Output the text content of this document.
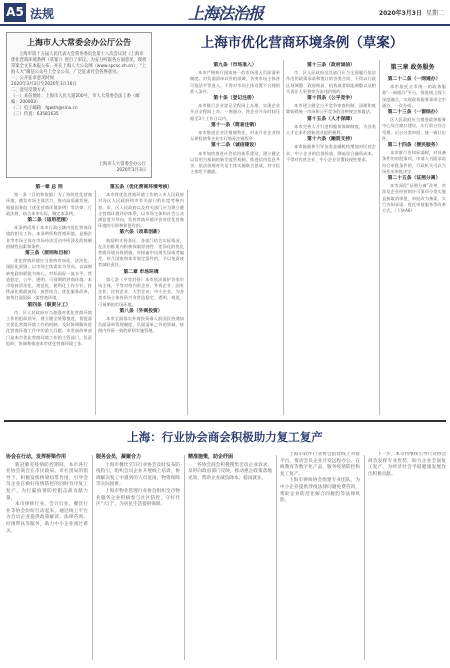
A5 法规	上海法治报	2020年3月3日 星期二
上海市人大常委会办公厅公告

上海市第十五届人民代表大会常务委员会第十八次会议对《上海市优化营商环境条例（草案）》进行了审议。为充分听取各方面意见，现将草案全文在本报公布，并在上海人大公众网（www.spcsc.sh.cn）、“上海人大”微信公众号上全文公布，广泛征求社会各界意见。

一、公开征求意见时间

2020年3月3日至2020年3月16日

二、意见反馈方式

（一）来信地址：上海市人民大道200号，市人大常委会法工委（邮编：200003）

（二）电子邮箱：fgwsh@sina.cn

（三）传真：63581635

上海市人大常委会办公厅
2020年3月3日
上海市优化营商环境条例（草案）
第三章 政务服务
第一章 总 则

第一条（目的和依据）为了持续优化营商环境，激发市场主体活力，推动高质量发展，根据国务院《优化营商环境条例》等法律、行政法规，结合本市实际，制定本条例。

第二条（适用范围）

本条例适用于本市行政区域内优化营商环境的相关工作。本条例所称营商环境，是指企业等市场主体在市场经济活动中所涉及的体制机制性因素和条件。

第三条（原则和目标）

优化营商环境应当坚持市场化、法治化、国际化原则，以市场主体需求为导向，以深刻转变政府职能为核心，对标国际一流水平，营造稳定、公平、透明、可预期的营商环境。本市坚持法治化、规范化、便利化工作方针，持续深化简政放权、放管结合、优化服务改革，加快打造国际一流营商环境。

第四条（职责分工）

市、区人民政府应当加强对优化营商环境工作的组织领导，建立健全统筹推进、督促落实优化营商环境工作的机制，及时协调解决优化营商环境工作中的重大问题。市发展改革部门是本市优化营商环境工作的主管部门，负责组织、协调和推进本市优化营商环境工作。

第五条（优化营商环境考核）

本市将优化营商环境工作纳入市人民政府对各区人民政府和市有关部门的年度考核内容。市、区人民政府以及有关部门应当建立健全营商环境评价体系，以市场主体和社会公众满意度为导向，发挥营商环境评价对优化营商环境的引领和督促作用。

第六条（改革创新）

鼓励和支持各区、各部门结合实际情况，在法治框架内积极探索原创性、差异化的优化营商环境具体措施。对探索中出现失误或者偏差，符合国家和本市规定条件的，予以免责或者减轻责任。

第二章 市场环境

第七条（平等对待）本市依法保护各类市场主体，平等对待内资企业、外资企业、国有企业、民营企业、大型企业、中小企业，为各类市场主体投资兴业营造稳定、透明、规范、可预期的市场环境。

第八条（外商投资）

本市全面落实外商投资准入前国民待遇加负面清单管理制度，负面清单之外的领域，按照内外资一致的原则实施管理。

第九条（市场准入）

本市严格执行国家统一的市场准入负面清单制度。对负面清单以外的领域，各类市场主体皆可依法平等进入。不得对市场主体设置不合理的准入条件。

第十条（登记注册）

本市推行企业登记全程网上办理，实现企业开办全程网上办、一窗通办，将企业开办时间压缩至3个工作日以内。

第十一条（简易注销）

本市推进企业注销便利化，对未开业企业和无债权债务企业实行简易注销程序。

第十二条（诚信建设）

本市加快推进社会信用体系建设，建立健全以信用为基础的新型监管机制，推进信用信息共享，依法依规对失信主体实施联合惩戒，对守信主体给予激励。

第十三条（政府诚信）

市、区人民政府及其部门应当全面履行依法作出的政策承诺和签订的各类合同，不得以行政区划调整、政府换届、机构或者职能调整以及相关责任人更替等为由违约毁约。

第十四条（公平竞争）

本市建立健全公平竞争审查机制，清理和废除妨碍统一市场和公平竞争的各种规定和做法。

第十五条（人才保障）

本市完善人才引进和服务保障制度，为各类人才在本市创新创业提供便利。

第十六条（融资支持）

本市鼓励和引导各类金融机构增加对民营企业、中小企业的信贷投放，降低综合融资成本，不得对民营企业、中小企业设置歧视性要求。

第二十二条（一网通办）

本市依托全市统一的政务服务“一网通办”平台，推进线上线下深度融合，实现政务服务事项全市通办、一次办成。

第二十三条（一窗综办）

区人民政府应当推进政务服务中心综合窗口建设，实行前台综合受理、后台分类审批、统一窗口出件。

第二十四条（便民服务）

本市推行告知承诺制，对具备条件的审批事项，申请人书面承诺符合审批条件的，行政机关可以当场作出审批决定。

第二十五条（证照分离）

本市深化“证照分离”改革，对涉及企业经营的许可事项分类实施直接取消审批、审批改为备案、实行告知承诺、优化审批服务等改革方式。（下转A6）

上海：行业协会商会积极助力复工复产
协会在行动，发挥桥梁作用

新冠肺炎疫情防控期间，本市各行业协会商会在市民政局、市社团局的指导下，积极发挥桥梁纽带作用，引导会员企业在做好疫情防控的同时有序复工复产，为打赢疫情防控阻击战贡献力量。

本市律师行业、会计行业、餐饮行业等协会纷纷行动起来，通过线上平台为会员企业提供政策解读、法律咨询、纾困帮扶等服务，助力中小企业渡过难关。

服务会员，凝聚合力

上海市餐饮烹饪行业协会及时发布防疫指引，组织会员企业开展线上培训，协调解决复工中遇到的人员返岗、物资保障等实际困难。

上海市物业管理行业协会组织全市物业服务企业积极参与社区防控，守好社区“大门”，为居民生活提供保障。

精准施策，助企纾困

各协会商会积极搜集会员企业诉求，及时向政府部门反映，推动惠企政策落地见效，帮助企业减负降本、稳岗就业。

上海市软件行业协会搭建线上对接平台，推动会员企业开发远程办公、在线教育等数字化产品，服务疫情防控和复工复产。

上海市律师协会组建专业团队，为中小企业提供涉疫法律问题免费咨询，帮助企业防范化解合同履约等法律风险。

下一步，本市将继续引导行业协会商会发挥专业优势，助力企业全面复工复产，为经济社会平稳健康发展作出积极贡献。
